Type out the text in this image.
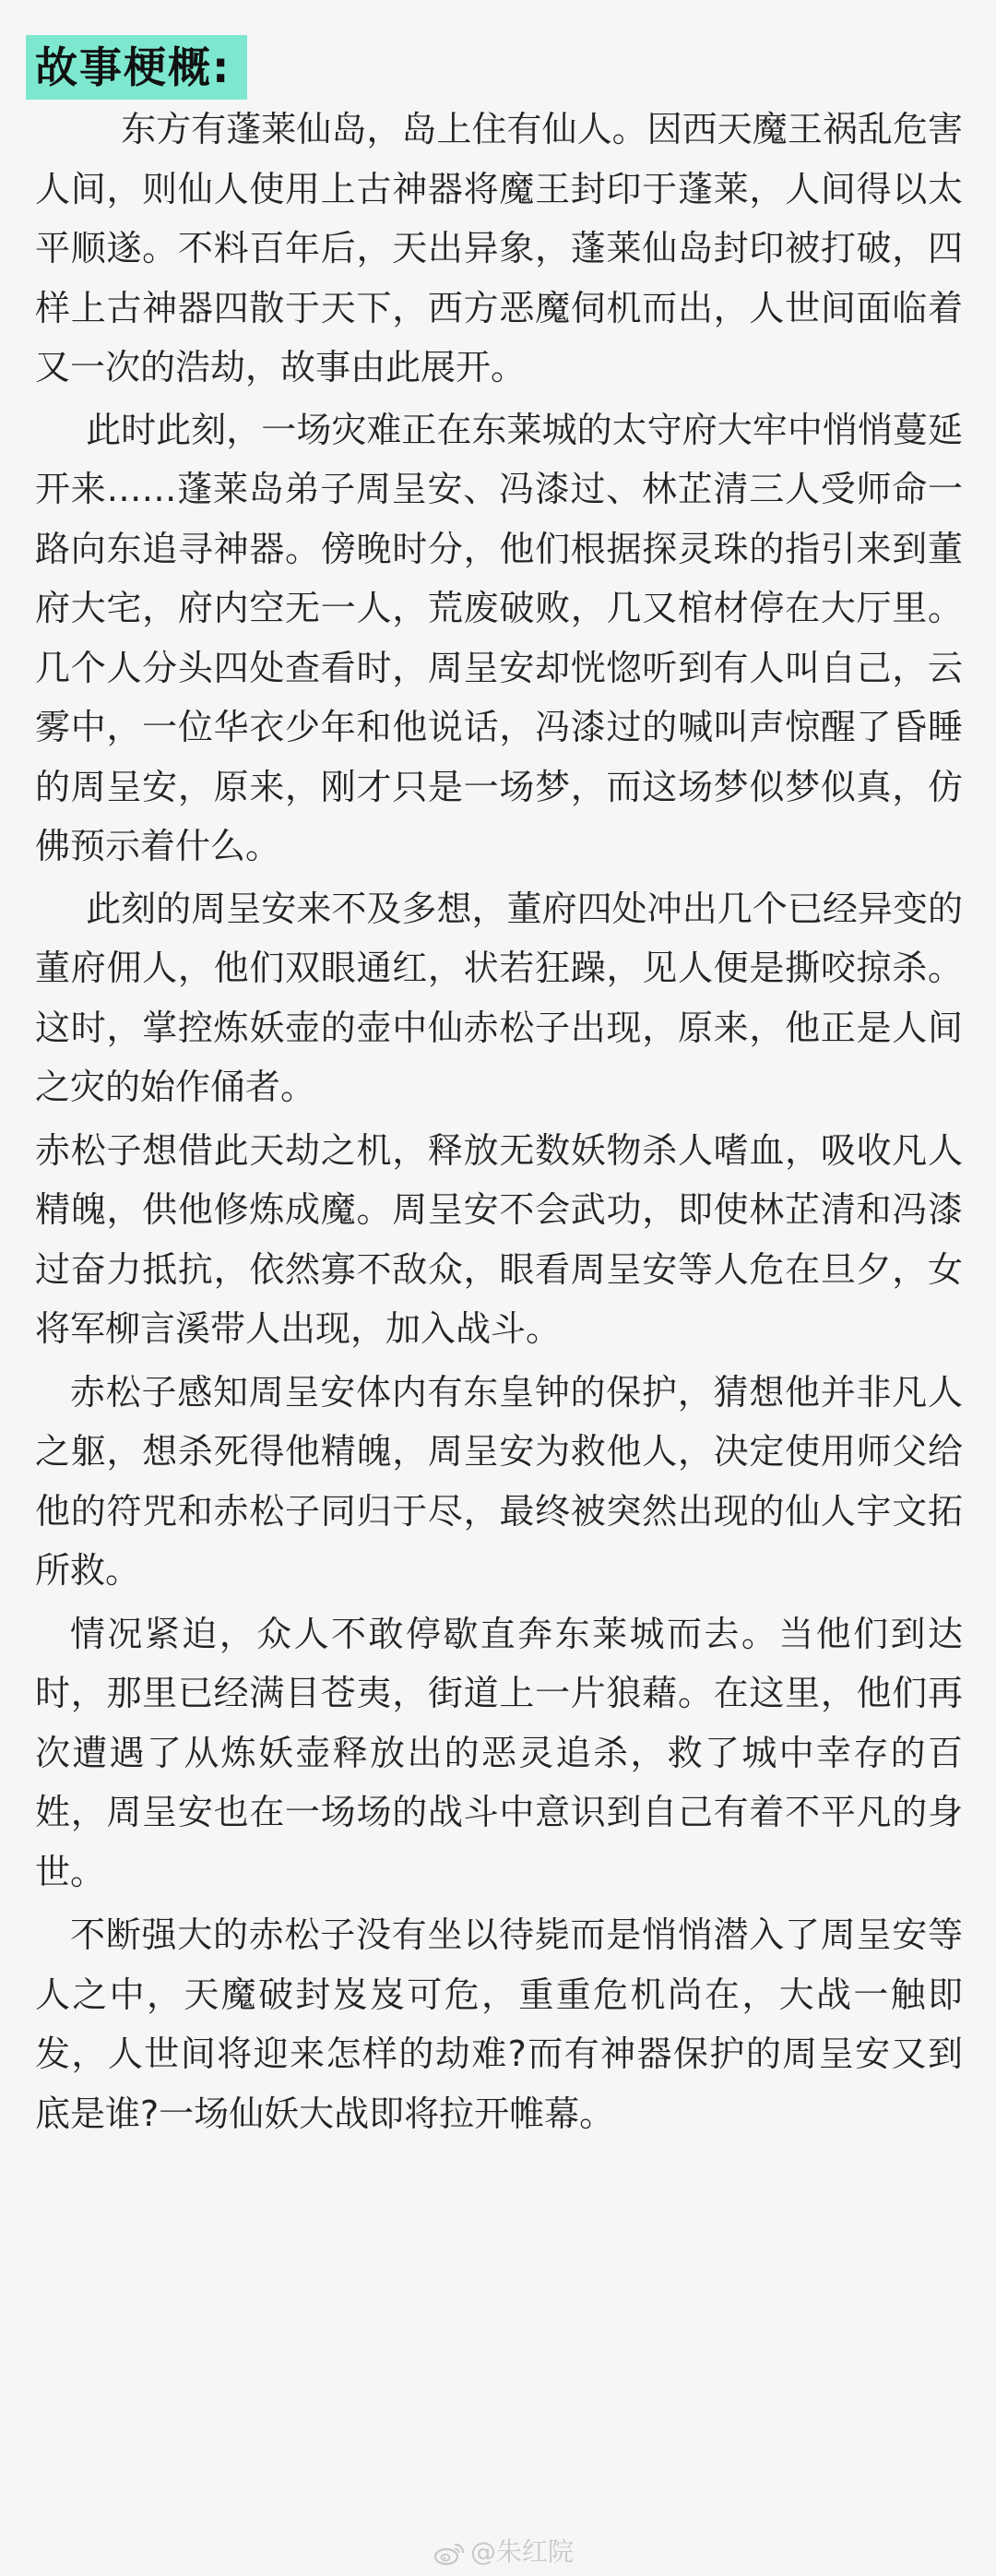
故事梗概:

东方有蓬莱仙岛，岛上住有仙人。因西天魔王祸乱危害人间，则仙人使用上古神器将魔王封印于蓬莱，人间得以太平顺遂。不料百年后，天出异象，蓬莱仙岛封印被打破，四样上古神器四散于天下，西方恶魔伺机而出，人世间面临着又一次的浩劫，故事由此展开。

此时此刻，一场灾难正在东莱城的太守府大牢中悄悄蔓延开来……蓬莱岛弟子周呈安、冯漆过、林芷清三人受师命一路向东追寻神器。傍晚时分，他们根据探灵珠的指引来到董府大宅，府内空无一人，荒废破败，几又棺材停在大厅里。几个人分头四处查看时，周呈安却恍惚听到有人叫自己，云雾中，一位华衣少年和他说话，冯漆过的喊叫声惊醒了昏睡的周呈安，原来，刚才只是一场梦，而这场梦似梦似真，仿佛预示着什么。

此刻的周呈安来不及多想，董府四处冲出几个已经异变的董府佣人，他们双眼通红，状若狂躁，见人便是撕咬掠杀。这时，掌控炼妖壶的壶中仙赤松子出现，原来，他正是人间之灾的始作俑者。

赤松子想借此天劫之机，释放无数妖物杀人嗜血，吸收凡人精魄，供他修炼成魔。周呈安不会武功，即使林芷清和冯漆过奋力抵抗，依然寡不敌众，眼看周呈安等人危在旦夕，女将军柳言溪带人出现，加入战斗。

赤松子感知周呈安体内有东皇钟的保护，猜想他并非凡人之躯，想杀死得他精魄，周呈安为救他人，决定使用师父给他的符咒和赤松子同归于尽，最终被突然出现的仙人宇文拓所救。

情况紧迫，众人不敢停歇直奔东莱城而去。当他们到达时，那里已经满目苍夷，街道上一片狼藉。在这里，他们再次遭遇了从炼妖壶释放出的恶灵追杀，救了城中幸存的百姓，周呈安也在一场场的战斗中意识到自己有着不平凡的身世。

不断强大的赤松子没有坐以待毙而是悄悄潜入了周呈安等人之中，天魔破封岌岌可危，重重危机尚在，大战一触即发，人世间将迎来怎样的劫难?而有神器保护的周呈安又到底是谁?一场仙妖大战即将拉开帷幕。

@朱红院
